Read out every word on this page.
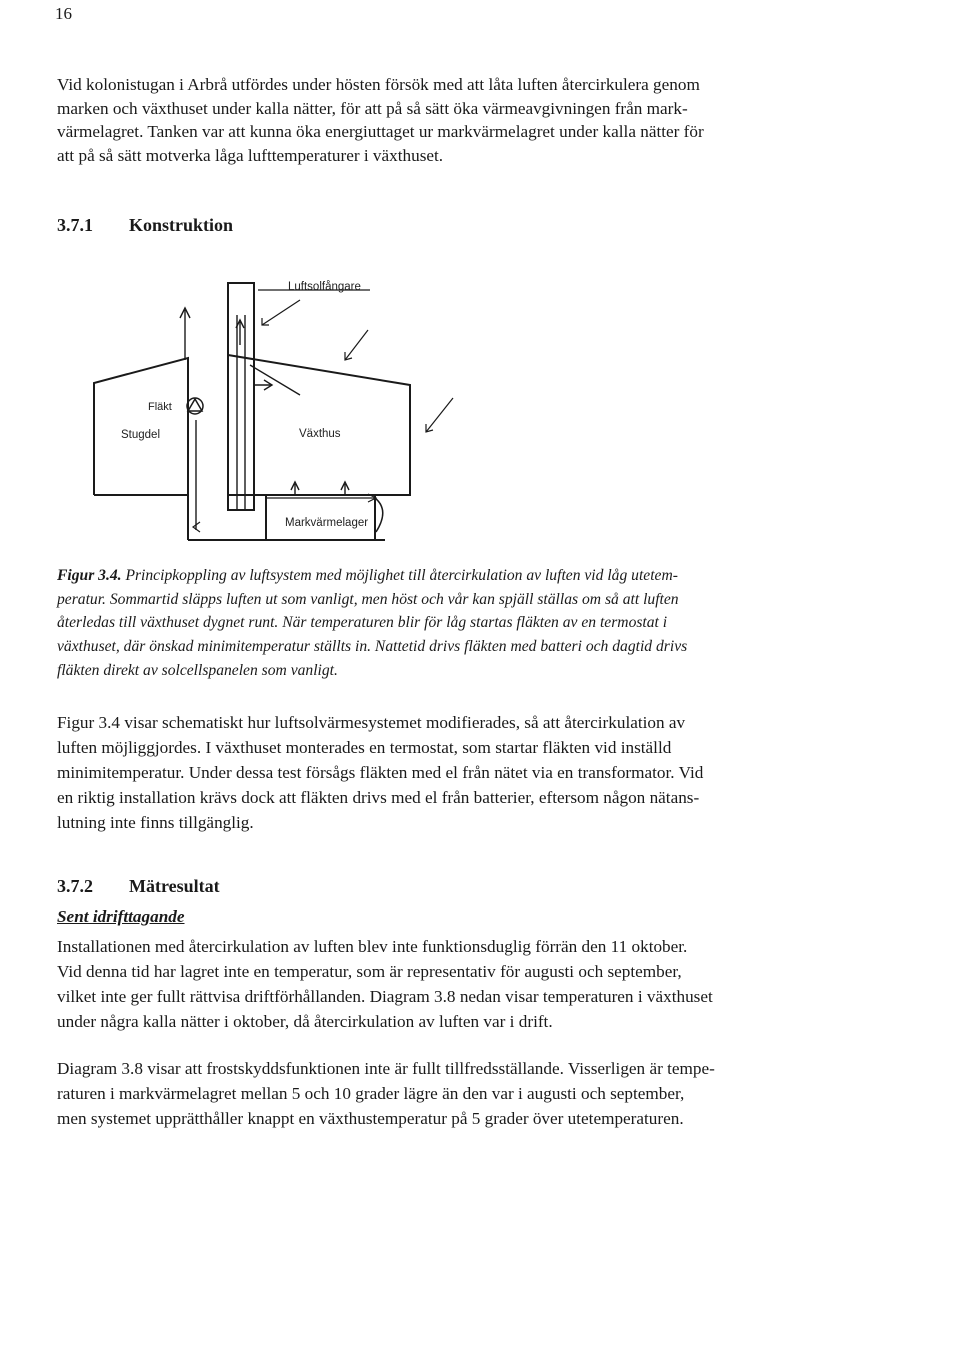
16
Vid kolonistugan i Arbrå utfördes under hösten försök med att låta luften återcirkulera genom
marken och växthuset under kalla nätter, för att på så sätt öka värmeavgivningen från mark-
värmelagret. Tanken var att kunna öka energiuttaget ur markvärmelagret under kalla nätter för
att på så sätt motverka låga lufttemperaturer i växthuset.
3.7.1 Konstruktion
Luftsolfångare
Fläkt
Stugdel	Växthus
Markvärmelager
Figur 3.4. Principkoppling av luftsystem med möjlighet till återcirkulation av luften vid låg utetem-
peratur. Sommartid släpps luften ut som vanligt, men höst och vår kan spjäll ställas om så att luften
återledas till växthuset dygnet runt. När temperaturen blir för låg startas fläkten av en termostat i
växthuset, där önskad minimitemperatur ställts in. Nattetid drivs fläkten med batteri och dagtid drivs
fläkten direkt av solcellspanelen som vanligt.
Figur 3.4 visar schematiskt hur luftsolvärmesystemet modifierades, så att återcirkulation av
luften möjliggjordes. I växthuset monterades en termostat, som startar fläkten vid inställd
minimitemperatur. Under dessa test försågs fläkten med el från nätet via en transformator. Vid
en riktig installation krävs dock att fläkten drivs med el från batterier, eftersom någon nätans-
lutning inte finns tillgänglig.
3.7.2 Mätresultat
Sent idrifttagande
Installationen med återcirkulation av luften blev inte funktionsduglig förrän den 11 oktober.
Vid denna tid har lagret inte en temperatur, som är representativ för augusti och september,
vilket inte ger fullt rättvisa driftförhållanden. Diagram 3.8 nedan visar temperaturen i växthuset
under några kalla nätter i oktober, då återcirkulation av luften var i drift.
Diagram 3.8 visar att frostskyddsfunktionen inte är fullt tillfredsställande. Visserligen är tempe-
raturen i markvärmelagret mellan 5 och 10 grader lägre än den var i augusti och september,
men systemet upprätthåller knappt en växthustemperatur på 5 grader över utetemperaturen.
